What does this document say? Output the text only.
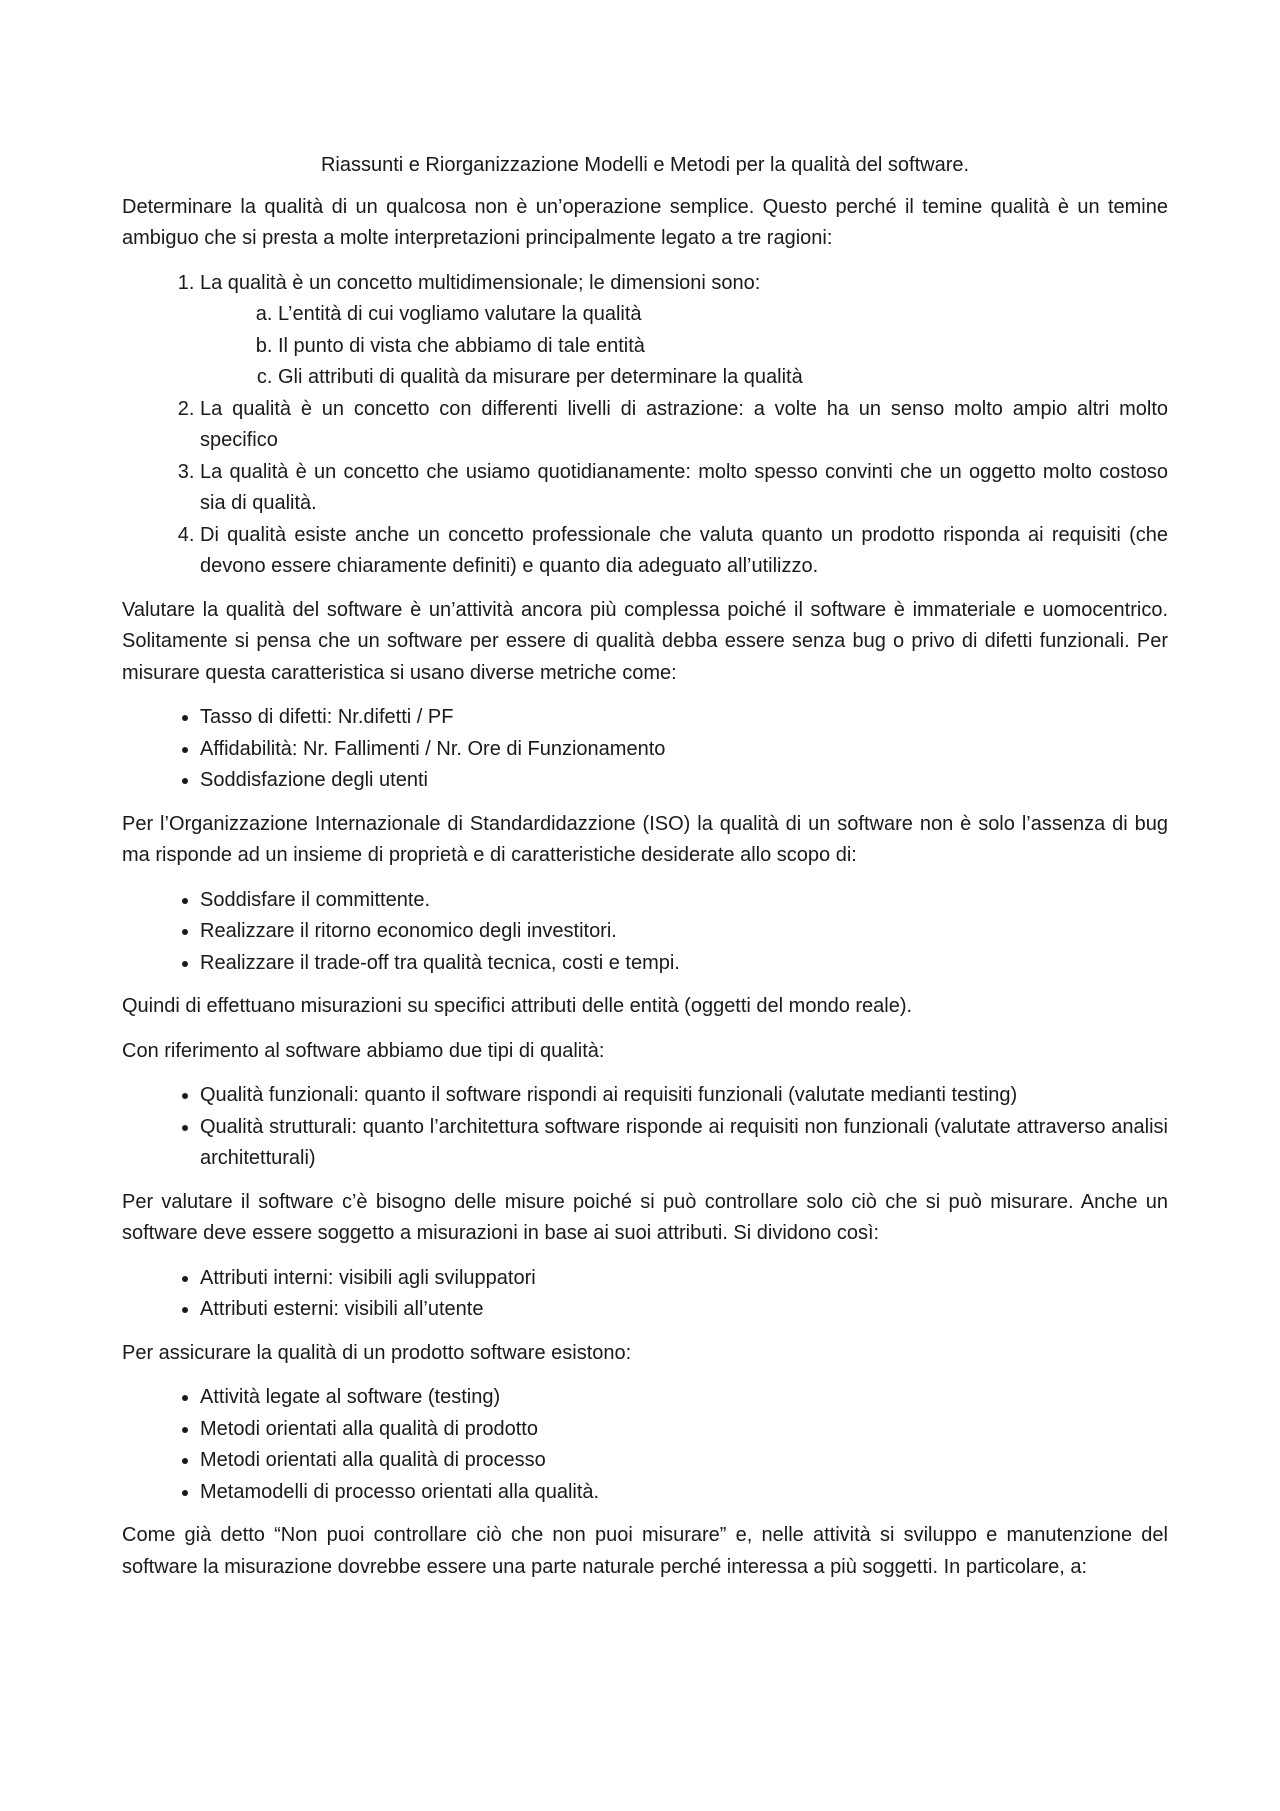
Riassunti e Riorganizzazione Modelli e Metodi per la qualità del software.

Determinare la qualità di un qualcosa non è un’operazione semplice. Questo perché il temine qualità è un temine ambiguo che si presta a molte interpretazioni principalmente legato a tre ragioni:

1. La qualità è un concetto multidimensionale; le dimensioni sono:
a. L’entità di cui vogliamo valutare la qualità
b. Il punto di vista che abbiamo di tale entità
c. Gli attributi di qualità da misurare per determinare la qualità
2. La qualità è un concetto con differenti livelli di astrazione: a volte ha un senso molto ampio altri molto specifico
3. La qualità è un concetto che usiamo quotidianamente: molto spesso convinti che un oggetto molto costoso sia di qualità.
4. Di qualità esiste anche un concetto professionale che valuta quanto un prodotto risponda ai requisiti (che devono essere chiaramente definiti) e quanto dia adeguato all’utilizzo.

Valutare la qualità del software è un’attività ancora più complessa poiché il software è immateriale e uomocentrico. Solitamente si pensa che un software per essere di qualità debba essere senza bug o privo di difetti funzionali. Per misurare questa caratteristica si usano diverse metriche come:

• Tasso di difetti: Nr.difetti / PF
• Affidabilità: Nr. Fallimenti / Nr. Ore di Funzionamento
• Soddisfazione degli utenti

Per l’Organizzazione Internazionale di Standardidazzione (ISO) la qualità di un software non è solo l’assenza di bug ma risponde ad un insieme di proprietà e di caratteristiche desiderate allo scopo di:

• Soddisfare il committente.
• Realizzare il ritorno economico degli investitori.
• Realizzare il trade-off tra qualità tecnica, costi e tempi.

Quindi di effettuano misurazioni su specifici attributi delle entità (oggetti del mondo reale).

Con riferimento al software abbiamo due tipi di qualità:

• Qualità funzionali: quanto il software rispondi ai requisiti funzionali (valutate medianti testing)
• Qualità strutturali: quanto l’architettura software risponde ai requisiti non funzionali (valutate attraverso analisi architetturali)

Per valutare il software c’è bisogno delle misure poiché si può controllare solo ciò che si può misurare. Anche un software deve essere soggetto a misurazioni in base ai suoi attributi. Si dividono così:

• Attributi interni: visibili agli sviluppatori
• Attributi esterni: visibili all’utente

Per assicurare la qualità di un prodotto software esistono:

• Attività legate al software (testing)
• Metodi orientati alla qualità di prodotto
• Metodi orientati alla qualità di processo
• Metamodelli di processo orientati alla qualità.

Come già detto “Non puoi controllare ciò che non puoi misurare” e, nelle attività si sviluppo e manutenzione del software la misurazione dovrebbe essere una parte naturale perché interessa a più soggetti. In particolare, a:
